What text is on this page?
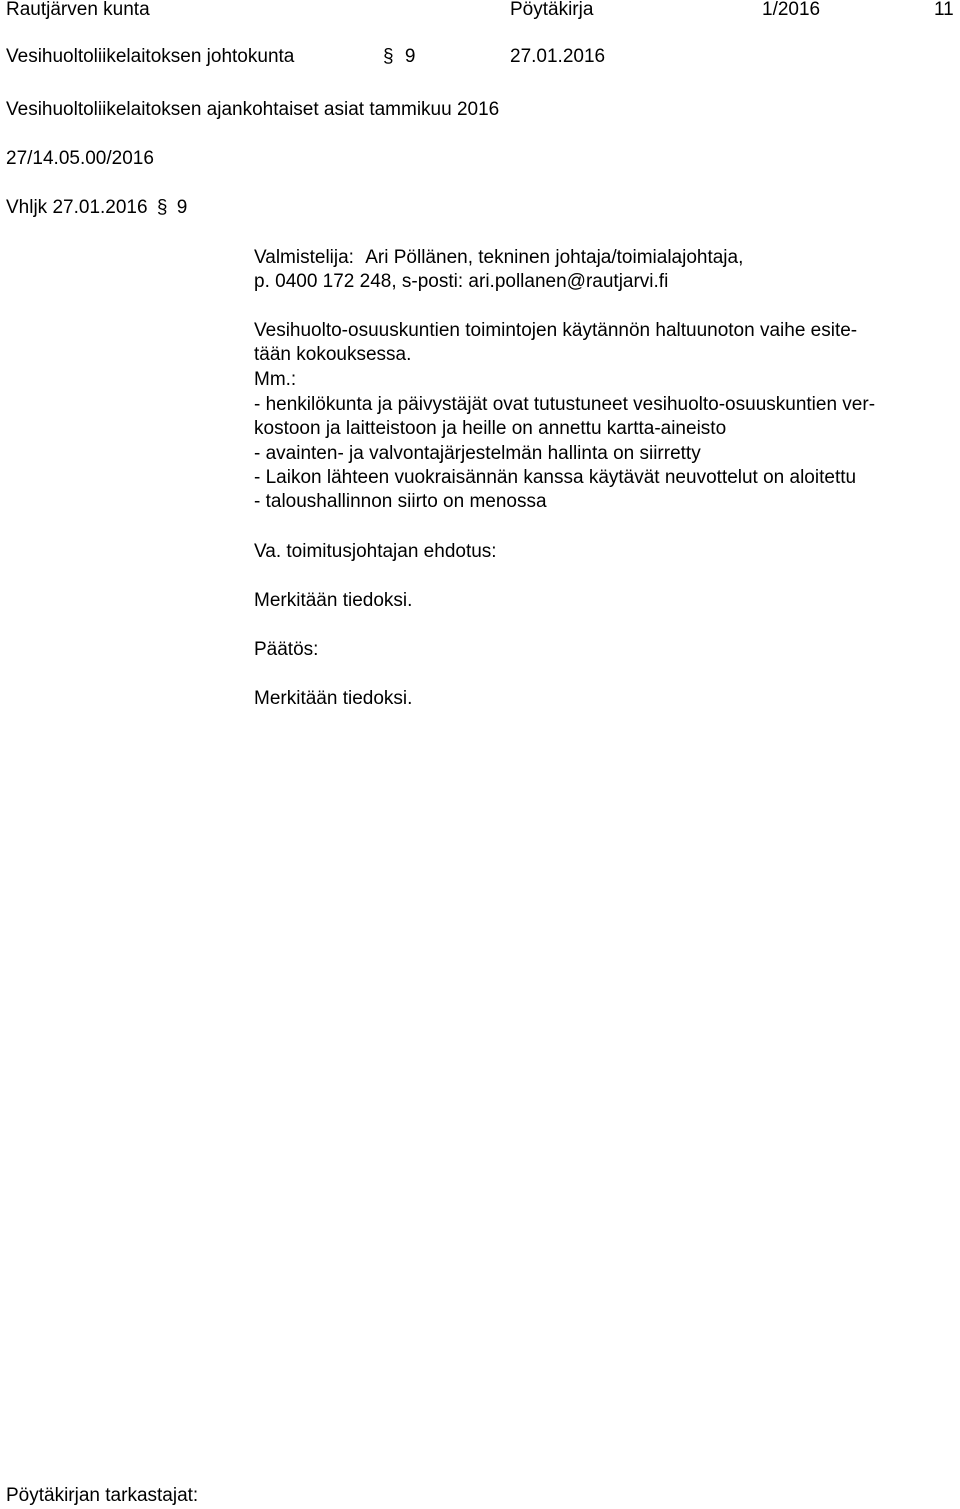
Rautjärven kunta	Pöytäkirja	1/2016	11
Vesihuoltoliikelaitoksen johtokunta	§ 9	27.01.2016
Vesihuoltoliikelaitoksen ajankohtaiset asiat tammikuu 2016
27/14.05.00/2016
Vhljk 27.01.2016 § 9
Valmistelija: Ari Pöllänen, tekninen johtaja/toimialajohtaja,
p. 0400 172 248, s-posti: ari.pollanen@rautjarvi.fi
Vesihuolto-osuuskuntien toimintojen käytännön haltuunoton vaihe esite-
tään kokouksessa.
Mm.:
- henkilökunta ja päivystäjät ovat tutustuneet vesihuolto-osuuskuntien ver-
kostoon ja laitteistoon ja heille on annettu kartta-aineisto
- avainten- ja valvontajärjestelmän hallinta on siirretty
- Laikon lähteen vuokraisännän kanssa käytävät neuvottelut on aloitettu
- taloushallinnon siirto on menossa
Va. toimitusjohtajan ehdotus:
Merkitään tiedoksi.
Päätös:
Merkitään tiedoksi.
Pöytäkirjan tarkastajat:
